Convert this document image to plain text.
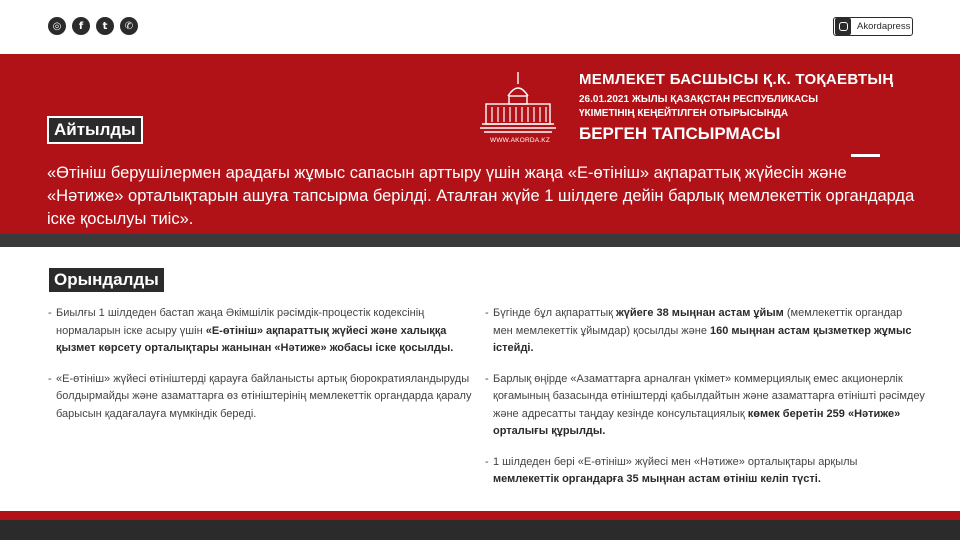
◎	f	t	✆	Akordapress
WWW.AKORDA.KZ
МЕМЛЕКЕТ БАСШЫСЫ Қ.К. ТОҚАЕВТЫҢ
26.01.2021 ЖЫЛЫ ҚАЗАҚСТАН РЕСПУБЛИКАСЫ
ҮКІМЕТІНІҢ КЕҢЕЙТІЛГЕН ОТЫРЫСЫНДА
БЕРГЕН ТАПСЫРМАСЫ
Айтылды
«Өтініш берушілермен арадағы жұмыс сапасын арттыру үшін жаңа «Е-өтініш» ақпараттық жүйесін және «Нәтиже» орталықтарын ашуға тапсырма берілді. Аталған жүйе 1 шілдеге дейін барлық мемлекеттік органдарда іске қосылуы тиіс».
Орындалды
- Биылғы 1 шілдеден бастап жаңа Әкімшілік рәсімдік-процестік кодексінің нормаларын іске асыру үшін «Е-өтініш» ақпараттық жүйесі және халыққа қызмет көрсету орталықтары жанынан «Нәтиже» жобасы іске қосылды.
- «Е-өтініш» жүйесі өтініштерді қарауға байланысты артық бюрократияландыруды болдырмайды және азаматтарға өз өтініштерінің мемлекеттік органдарда қаралу барысын қадағалауға мүмкіндік береді.
- Бүгінде бұл ақпараттық жүйеге 38 мыңнан астам ұйым (мемлекеттік органдар мен мемлекеттік ұйымдар) қосылды және 160 мыңнан астам қызметкер жұмыс істейді.
- Барлық өңірде «Азаматтарға арналған үкімет» коммерциялық емес акционерлік қоғамының базасында өтініштерді қабылдайтын және азаматтарға өтінішті рәсімдеу және адресатты таңдау кезінде консультациялық көмек беретін 259 «Нәтиже» орталығы құрылды.
- 1 шілдеден бері «Е-өтініш» жүйесі мен «Нәтиже» орталықтары арқылы мемлекеттік органдарға 35 мыңнан астам өтініш келіп түсті.
